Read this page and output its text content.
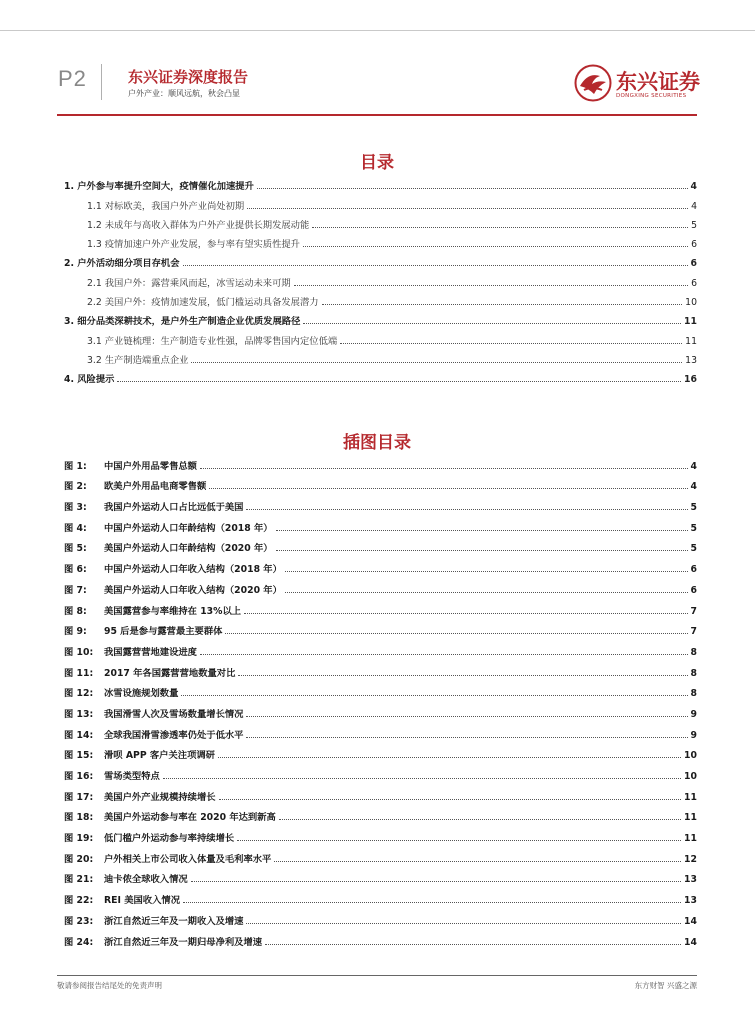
P2	东兴证券深度报告
户外产业：顺风远航，秋会凸显	东兴证券
DONGXING SECURITIES
目录
1. 户外参与率提升空间大，疫情催化加速提升	4
1.1 对标欧美，我国户外产业尚处初期	4
1.2 未成年与高收入群体为户外产业提供长期发展动能	5
1.3 疫情加速户外产业发展，参与率有望实质性提升	6
2. 户外活动细分项目存机会	6
2.1 我国户外：露营乘风而起，冰雪运动未来可期	6
2.2 美国户外：疫情加速发展，低门槛运动具备发展潜力	10
3. 细分品类深耕技术，是户外生产制造企业优质发展路径	11
3.1 产业链梳理：生产制造专业性强，品牌零售国内定位低端	11
3.2 生产制造端重点企业	13
4. 风险提示	16
插图目录
图 1:	中国户外用品零售总额	4
图 2:	欧美户外用品电商零售额	4
图 3:	我国户外运动人口占比远低于美国	5
图 4:	中国户外运动人口年龄结构（2018 年）	5
图 5:	美国户外运动人口年龄结构（2020 年）	5
图 6:	中国户外运动人口年收入结构（2018 年）	6
图 7:	美国户外运动人口年收入结构（2020 年）	6
图 8:	美国露营参与率维持在 13%以上	7
图 9:	95 后是参与露营最主要群体	7
图 10:	我国露营营地建设进度	8
图 11:	2017 年各国露营营地数量对比	8
图 12:	冰雪设施规划数量	8
图 13:	我国滑雪人次及雪场数量增长情况	9
图 14:	全球我国滑雪渗透率仍处于低水平	9
图 15:	滑呗 APP 客户关注项调研	10
图 16:	雪场类型特点	10
图 17:	美国户外产业规模持续增长	11
图 18:	美国户外运动参与率在 2020 年达到新高	11
图 19:	低门槛户外运动参与率持续增长	11
图 20:	户外相关上市公司收入体量及毛利率水平	12
图 21:	迪卡侬全球收入情况	13
图 22:	REI 美国收入情况	13
图 23:	浙江自然近三年及一期收入及增速	14
图 24:	浙江自然近三年及一期归母净利及增速	14
敬请参阅报告结尾处的免责声明	东方财智 兴盛之源
